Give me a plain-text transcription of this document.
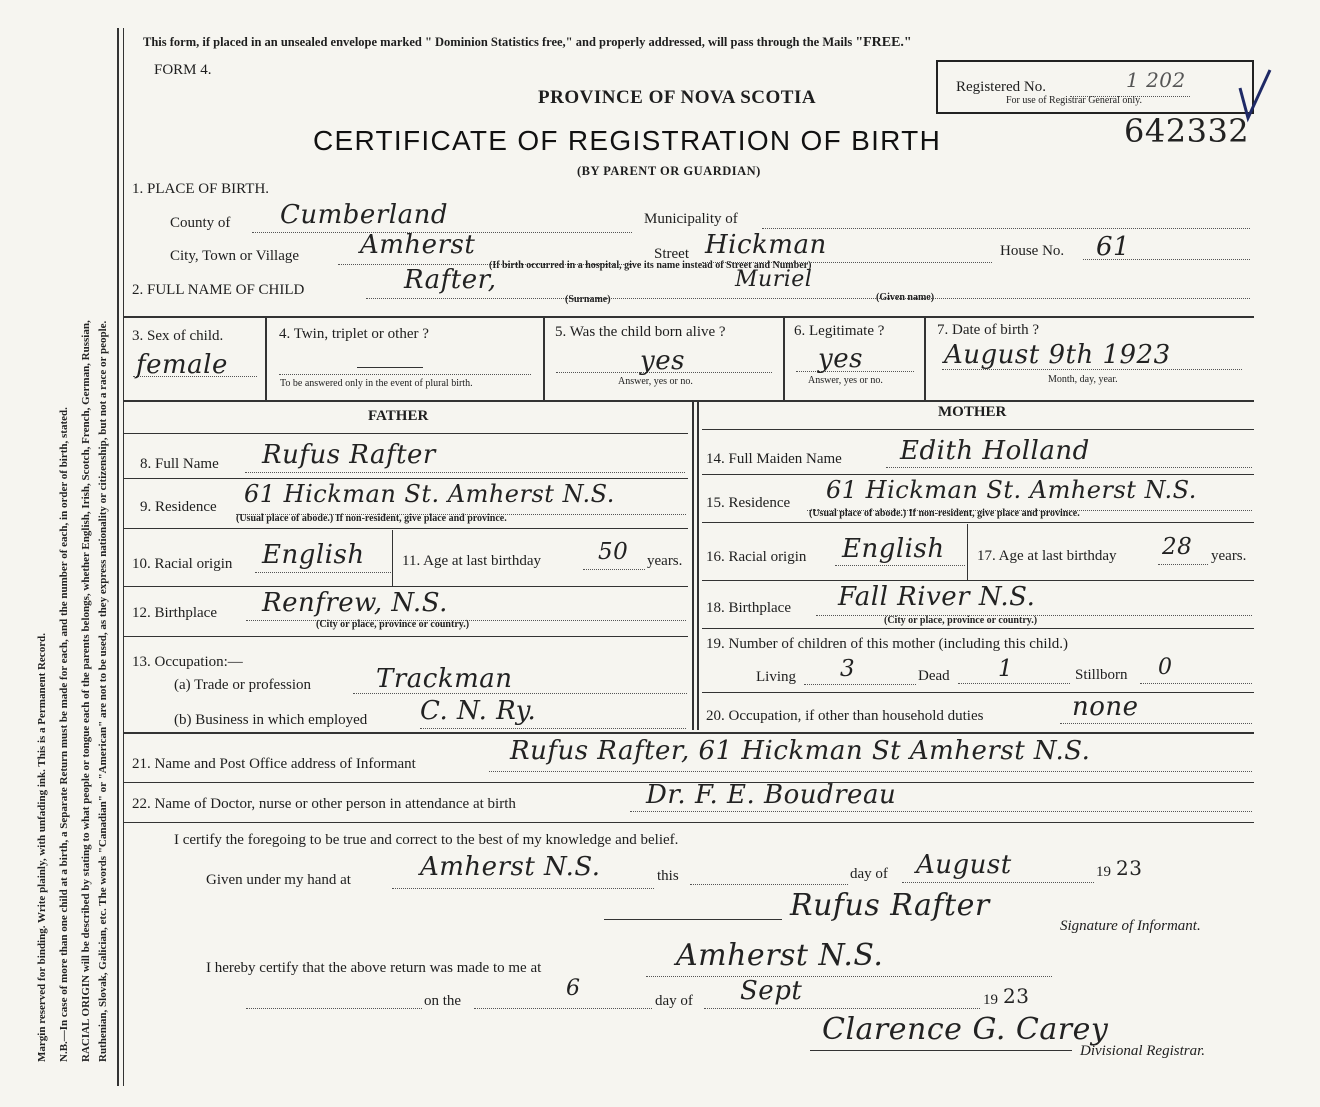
Margin reserved for binding. Write plainly, with unfading ink. This is a Permanent Record. N.B.—In case of more than one child at a birth, a Separate Return must be made for each, and the number of each, in order of birth, stated. RACIAL ORIGIN will be described by stating to what people or tongue each of the parents belongs, whether English, Irish, Scotch, French, German, Russian, Ruthenian, Slovak, Galician, etc. The words "Canadian" or "American" are not to be used, as they express nationality or citizenship, but not a race or people.
This form, if placed in an unsealed envelope marked " Dominion Statistics free," and properly addressed, will pass through the Mails "FREE."
FORM 4.
PROVINCE OF NOVA SCOTIA
CERTIFICATE OF REGISTRATION OF BIRTH
(BY PARENT OR GUARDIAN)
Registered No.	1 202
For use of Registrar General only.
642332
1. PLACE OF BIRTH.
County of Cumberland	Municipality of
City, Town or Village Amherst	Street Hickman	House No. 61
(If birth occurred in a hospital, give its name instead of Street and Number)
2. FULL NAME OF CHILD	Rafter,
(Surname)
Muriel
(Given name)
3. Sex of child.
female
4. Twin, triplet or other ?
To be answered only in the event of plural birth.
5. Was the child born alive ?
yes
Answer, yes or no.
6. Legitimate ?
yes
Answer, yes or no.
7. Date of birth ?
August 9th 1923
Month, day, year.
FATHER	MOTHER
8. Full Name Rufus Rafter
9. Residence 61 Hickman St. Amherst N.S.
(Usual place of abode.) If non-resident, give place and province.
10. Racial origin English 11. Age at last birthday 50 years.
12. Birthplace Renfrew, N.S.
(City or place, province or country.)
13. Occupation:—
(a) Trade or profession Trackman
(b) Business in which employed C. N. Ry.
14. Full Maiden Name Edith Holland
15. Residence 61 Hickman St. Amherst N.S.
(Usual place of abode.) If non-resident, give place and province.
16. Racial origin English 17. Age at last birthday 28 years.
18. Birthplace Fall River N.S.
(City or place, province or country.)
19. Number of children of this mother (including this child.)
Living 3	Dead 1	Stillborn 0
20. Occupation, if other than household duties	none
21. Name and Post Office address of Informant	Rufus Rafter, 61 Hickman St Amherst N.S.
22. Name of Doctor, nurse or other person in attendance at birth	Dr. F. E. Boudreau
I certify the foregoing to be true and correct to the best of my knowledge and belief.
Given under my hand at	Amherst N.S.	this	day of August	19 23
Rufus Rafter
Signature of Informant.
I hereby certify that the above return was made to me at	Amherst N.S.
on the	6	day of Sept	19 23
Clarence G. Carey
Divisional Registrar.
